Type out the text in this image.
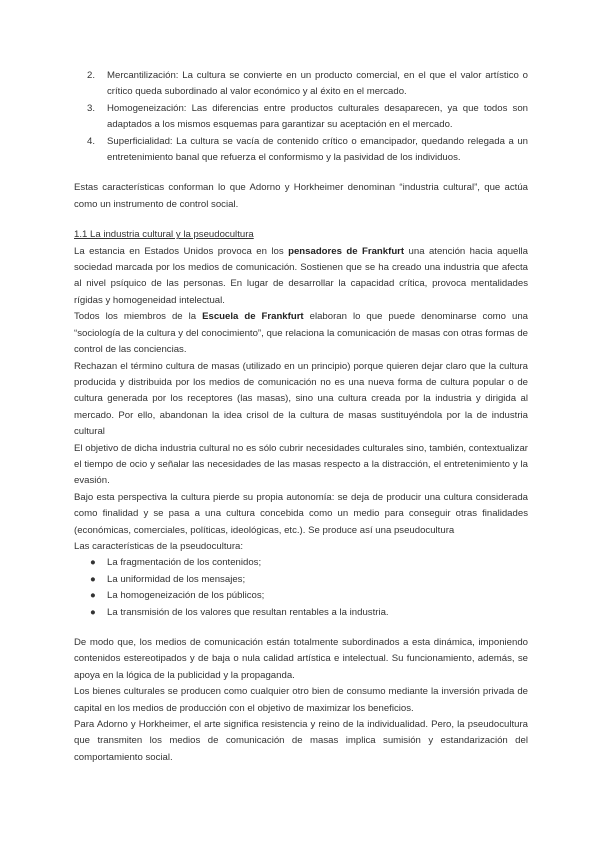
2. Mercantilización: La cultura se convierte en un producto comercial, en el que el valor artístico o crítico queda subordinado al valor económico y al éxito en el mercado.
3. Homogeneización: Las diferencias entre productos culturales desaparecen, ya que todos son adaptados a los mismos esquemas para garantizar su aceptación en el mercado.
4. Superficialidad: La cultura se vacía de contenido crítico o emancipador, quedando relegada a un entretenimiento banal que refuerza el conformismo y la pasividad de los individuos.

Estas características conforman lo que Adorno y Horkheimer denominan “industria cultural”, que actúa como un instrumento de control social.

1.1 La industria cultural y la pseudocultura

La estancia en Estados Unidos provoca en los pensadores de Frankfurt una atención hacia aquella sociedad marcada por los medios de comunicación. Sostienen que se ha creado una industria que afecta al nivel psíquico de las personas. En lugar de desarrollar la capacidad crítica, provoca mentalidades rígidas y homogeneidad intelectual.

Todos los miembros de la Escuela de Frankfurt elaboran lo que puede denominarse como una “sociología de la cultura y del conocimiento”, que relaciona la comunicación de masas con otras formas de control de las conciencias.

Rechazan el término cultura de masas (utilizado en un principio) porque quieren dejar claro que la cultura producida y distribuida por los medios de comunicación no es una nueva forma de cultura popular o de cultura generada por los receptores (las masas), sino una cultura creada por la industria y dirigida al mercado. Por ello, abandonan la idea crisol de la cultura de masas sustituyéndola por la de industria cultural

El objetivo de dicha industria cultural no es sólo cubrir necesidades culturales sino, también, contextualizar el tiempo de ocio y señalar las necesidades de las masas respecto a la distracción, el entretenimiento y la evasión.

Bajo esta perspectiva la cultura pierde su propia autonomía: se deja de producir una cultura considerada como finalidad y se pasa a una cultura concebida como un medio para conseguir otras finalidades (económicas, comerciales, políticas, ideológicas, etc.). Se produce así una pseudocultura

Las características de la pseudocultura:

● La fragmentación de los contenidos;
● La uniformidad de los mensajes;
● La homogeneización de los públicos;
● La transmisión de los valores que resultan rentables a la industria.

De modo que, los medios de comunicación están totalmente subordinados a esta dinámica, imponiendo contenidos estereotipados y de baja o nula calidad artística e intelectual. Su funcionamiento, además, se apoya en la lógica de la publicidad y la propaganda.

Los bienes culturales se producen como cualquier otro bien de consumo mediante la inversión privada de capital en los medios de producción con el objetivo de maximizar los beneficios.

Para Adorno y Horkheimer, el arte significa resistencia y reino de la individualidad. Pero, la pseudocultura que transmiten los medios de comunicación de masas implica sumisión y estandarización del comportamiento social.
